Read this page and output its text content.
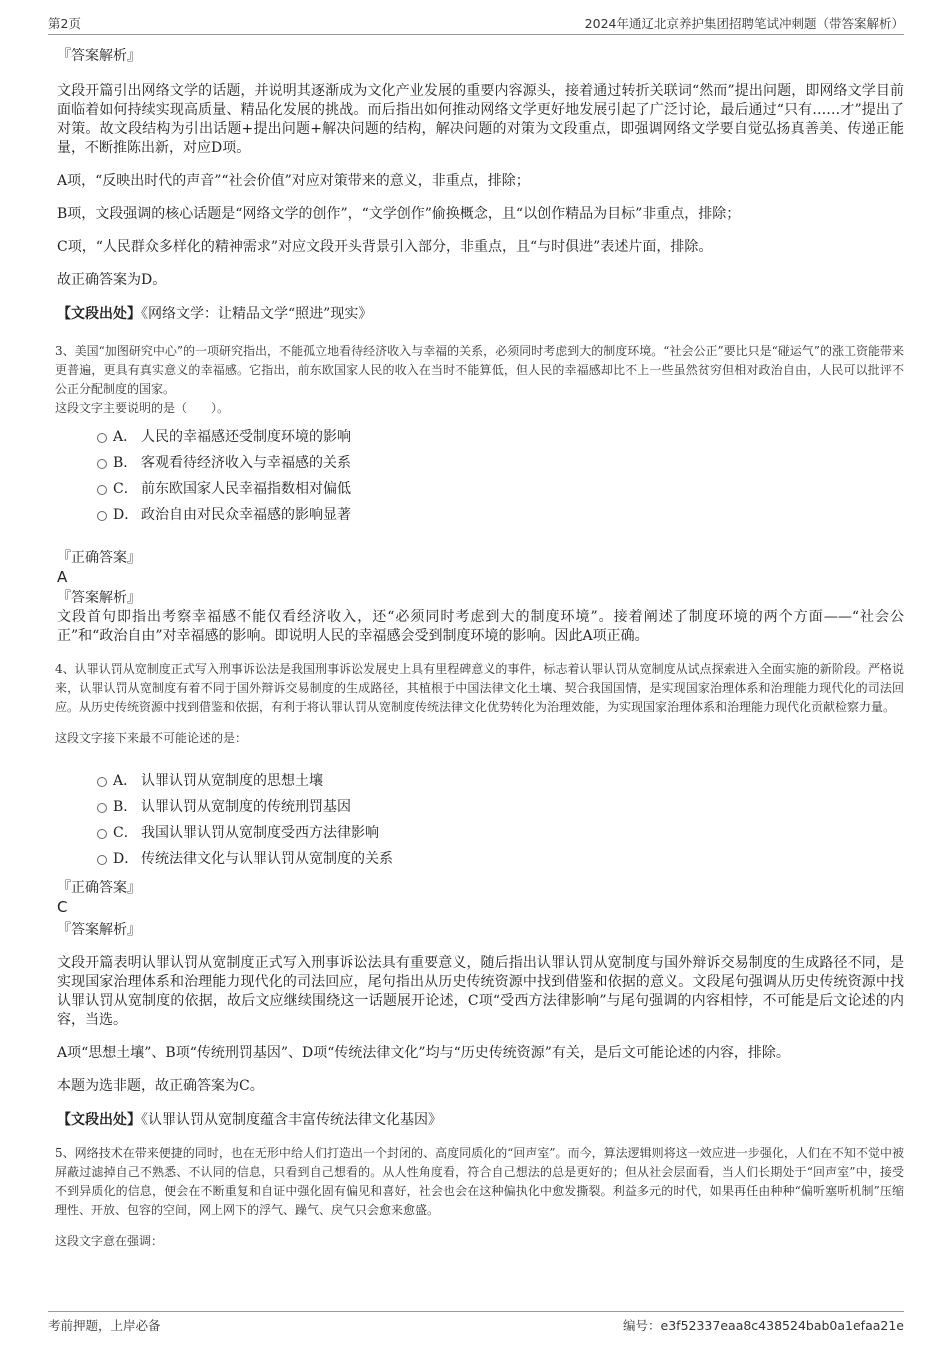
第2页	2024年通辽北京养护集团招聘笔试冲刺题（带答案解析）

『答案解析』

文段开篇引出网络文学的话题，并说明其逐渐成为文化产业发展的重要内容源头，接着通过转折关联词“然而”提出问题，即网络文学目前面临着如何持续实现高质量、精品化发展的挑战。而后指出如何推动网络文学更好地发展引起了广泛讨论，最后通过“只有……才”提出了对策。故文段结构为引出话题+提出问题+解决问题的结构，解决问题的对策为文段重点，即强调网络文学要自觉弘扬真善美、传递正能量，不断推陈出新，对应D项。

A项，“反映出时代的声音”“社会价值”对应对策带来的意义，非重点，排除；

B项，文段强调的核心话题是“网络文学的创作”，“文学创作”偷换概念，且“以创作精品为目标”非重点，排除；

C项，“人民群众多样化的精神需求”对应文段开头背景引入部分，非重点，且“与时俱进”表述片面，排除。

故正确答案为D。

【文段出处】《网络文学：让精品文学“照进”现实》

3、美国“加图研究中心”的一项研究指出，不能孤立地看待经济收入与幸福的关系，必须同时考虑到大的制度环境。“社会公正”要比只是“碰运气”的涨工资能带来更普遍，更具有真实意义的幸福感。它指出，前东欧国家人民的收入在当时不能算低，但人民的幸福感却比不上一些虽然贫穷但相对政治自由，人民可以批评不公正分配制度的国家。

这段文字主要说明的是（　　）。

A． 人民的幸福感还受制度环境的影响
B． 客观看待经济收入与幸福感的关系
C． 前东欧国家人民幸福指数相对偏低
D． 政治自由对民众幸福感的影响显著

『正确答案』

A

『答案解析』

文段首句即指出考察幸福感不能仅看经济收入，还“必须同时考虑到大的制度环境”。接着阐述了制度环境的两个方面——“社会公正”和“政治自由”对幸福感的影响。即说明人民的幸福感会受到制度环境的影响。因此A项正确。

4、认罪认罚从宽制度正式写入刑事诉讼法是我国刑事诉讼发展史上具有里程碑意义的事件，标志着认罪认罚从宽制度从试点探索进入全面实施的新阶段。严格说来，认罪认罚从宽制度有着不同于国外辩诉交易制度的生成路径，其植根于中国法律文化土壤、契合我国国情，是实现国家治理体系和治理能力现代化的司法回应。从历史传统资源中找到借鉴和依据，有利于将认罪认罚从宽制度传统法律文化优势转化为治理效能，为实现国家治理体系和治理能力现代化贡献检察力量。

这段文字接下来最不可能论述的是：

A． 认罪认罚从宽制度的思想土壤
B． 认罪认罚从宽制度的传统刑罚基因
C． 我国认罪认罚从宽制度受西方法律影响
D． 传统法律文化与认罪认罚从宽制度的关系

『正确答案』

C

『答案解析』

文段开篇表明认罪认罚从宽制度正式写入刑事诉讼法具有重要意义，随后指出认罪认罚从宽制度与国外辩诉交易制度的生成路径不同，是实现国家治理体系和治理能力现代化的司法回应，尾句指出从历史传统资源中找到借鉴和依据的意义。文段尾句强调从历史传统资源中找认罪认罚从宽制度的依据，故后文应继续围绕这一话题展开论述，C项“受西方法律影响”与尾句强调的内容相悖，不可能是后文论述的内容，当选。

A项“思想土壤”、B项“传统刑罚基因”、D项“传统法律文化”均与“历史传统资源”有关，是后文可能论述的内容，排除。

本题为选非题，故正确答案为C。

【文段出处】《认罪认罚从宽制度蕴含丰富传统法律文化基因》

5、网络技术在带来便捷的同时，也在无形中给人们打造出一个封闭的、高度同质化的“回声室”。而今，算法逻辑则将这一效应进一步强化，人们在不知不觉中被屏蔽过滤掉自己不熟悉、不认同的信息，只看到自己想看的。从人性角度看，符合自己想法的总是更好的；但从社会层面看，当人们长期处于“回声室”中，接受不到异质化的信息，便会在不断重复和自证中强化固有偏见和喜好，社会也会在这种偏执化中愈发撕裂。利益多元的时代，如果再任由种种“偏听塞听机制”压缩理性、开放、包容的空间，网上网下的浮气、躁气、戾气只会愈来愈盛。

这段文字意在强调：

考前押题，上岸必备	编号：e3f52337eaa8c438524bab0a1efaa21e
